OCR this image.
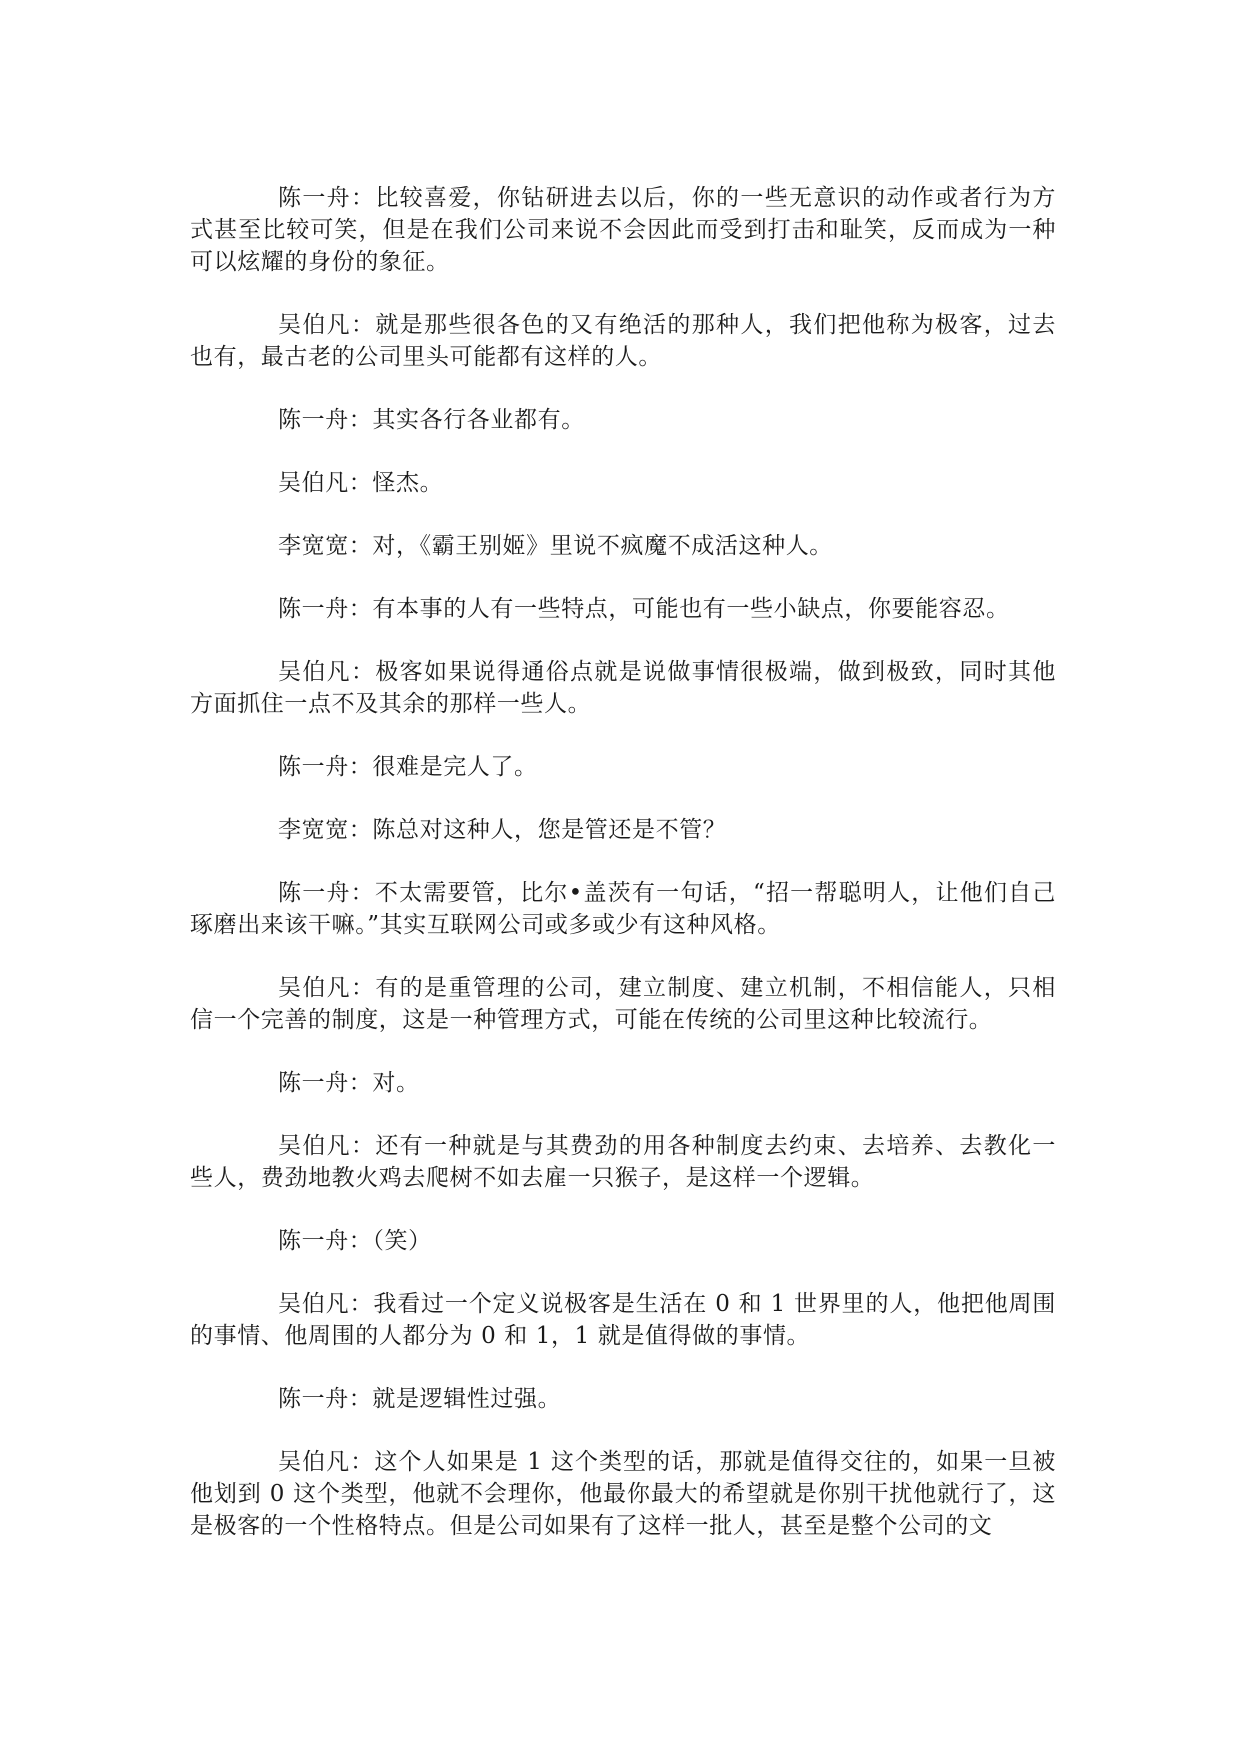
陈一舟：比较喜爱，你钻研进去以后，你的一些无意识的动作或者行为方式甚至比较可笑，但是在我们公司来说不会因此而受到打击和耻笑，反而成为一种可以炫耀的身份的象征。

吴伯凡：就是那些很各色的又有绝活的那种人，我们把他称为极客，过去也有，最古老的公司里头可能都有这样的人。

陈一舟：其实各行各业都有。

吴伯凡：怪杰。

李宽宽：对，《霸王别姬》里说不疯魔不成活这种人。

陈一舟：有本事的人有一些特点，可能也有一些小缺点，你要能容忍。

吴伯凡：极客如果说得通俗点就是说做事情很极端，做到极致，同时其他方面抓住一点不及其余的那样一些人。

陈一舟：很难是完人了。

李宽宽：陈总对这种人，您是管还是不管？

陈一舟：不太需要管，比尔•盖茨有一句话，“招一帮聪明人，让他们自己琢磨出来该干嘛。”其实互联网公司或多或少有这种风格。

吴伯凡：有的是重管理的公司，建立制度、建立机制，不相信能人，只相信一个完善的制度，这是一种管理方式，可能在传统的公司里这种比较流行。

陈一舟：对。

吴伯凡：还有一种就是与其费劲的用各种制度去约束、去培养、去教化一些人，费劲地教火鸡去爬树不如去雇一只猴子，是这样一个逻辑。

陈一舟：（笑）

吴伯凡：我看过一个定义说极客是生活在 0 和 1 世界里的人，他把他周围的事情、他周围的人都分为 0 和 1，1 就是值得做的事情。

陈一舟：就是逻辑性过强。

吴伯凡：这个人如果是 1 这个类型的话，那就是值得交往的，如果一旦被他划到 0 这个类型，他就不会理你，他最你最大的希望就是你别干扰他就行了，这是极客的一个性格特点。但是公司如果有了这样一批人，甚至是整个公司的文
